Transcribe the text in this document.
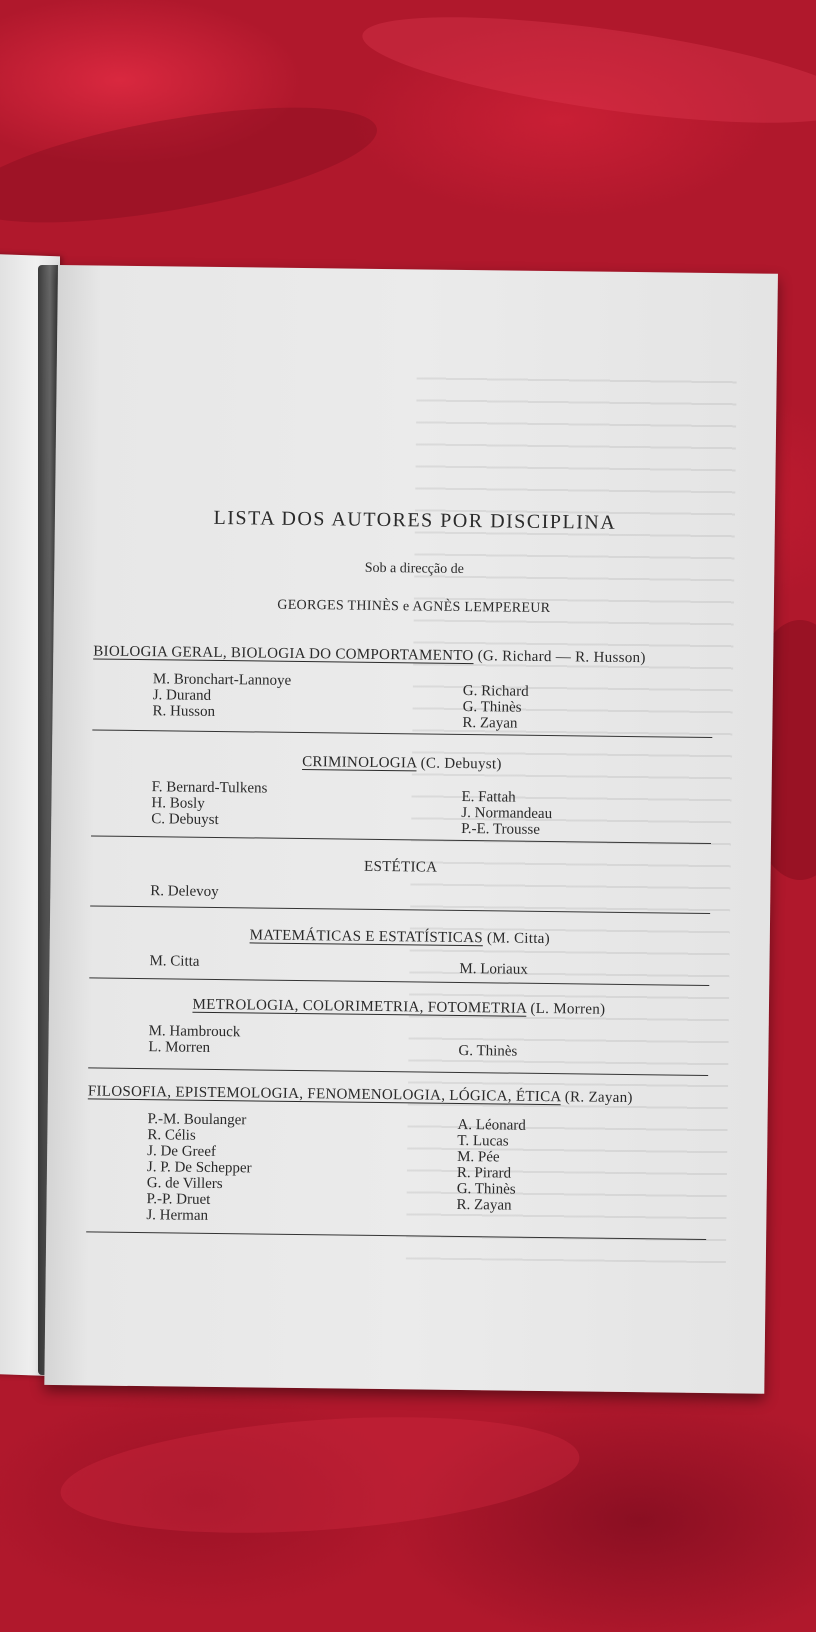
LISTA DOS AUTORES POR DISCIPLINA
Sob a direcção de
GEORGES THINÈS e AGNÈS LEMPEREUR
BIOLOGIA GERAL, BIOLOGIA DO COMPORTAMENTO (G. Richard — R. Husson)
M. Bronchart-Lannoye
J. Durand
R. Husson
G. Richard
G. Thinès
R. Zayan
CRIMINOLOGIA (C. Debuyst)
F. Bernard-Tulkens
H. Bosly
C. Debuyst
E. Fattah
J. Normandeau
P.-E. Trousse
ESTÉTICA
R. Delevoy
MATEMÁTICAS E ESTATÍSTICAS (M. Citta)
M. Citta	M. Loriaux
METROLOGIA, COLORIMETRIA, FOTOMETRIA (L. Morren)
M. Hambrouck
L. Morren	G. Thinès
FILOSOFIA, EPISTEMOLOGIA, FENOMENOLOGIA, LÓGICA, ÉTICA (R. Zayan)
P.-M. Boulanger
R. Célis
J. De Greef
J. P. De Schepper
G. de Villers
P.-P. Druet
J. Herman
A. Léonard
T. Lucas
M. Pée
R. Pirard
G. Thinès
R. Zayan
